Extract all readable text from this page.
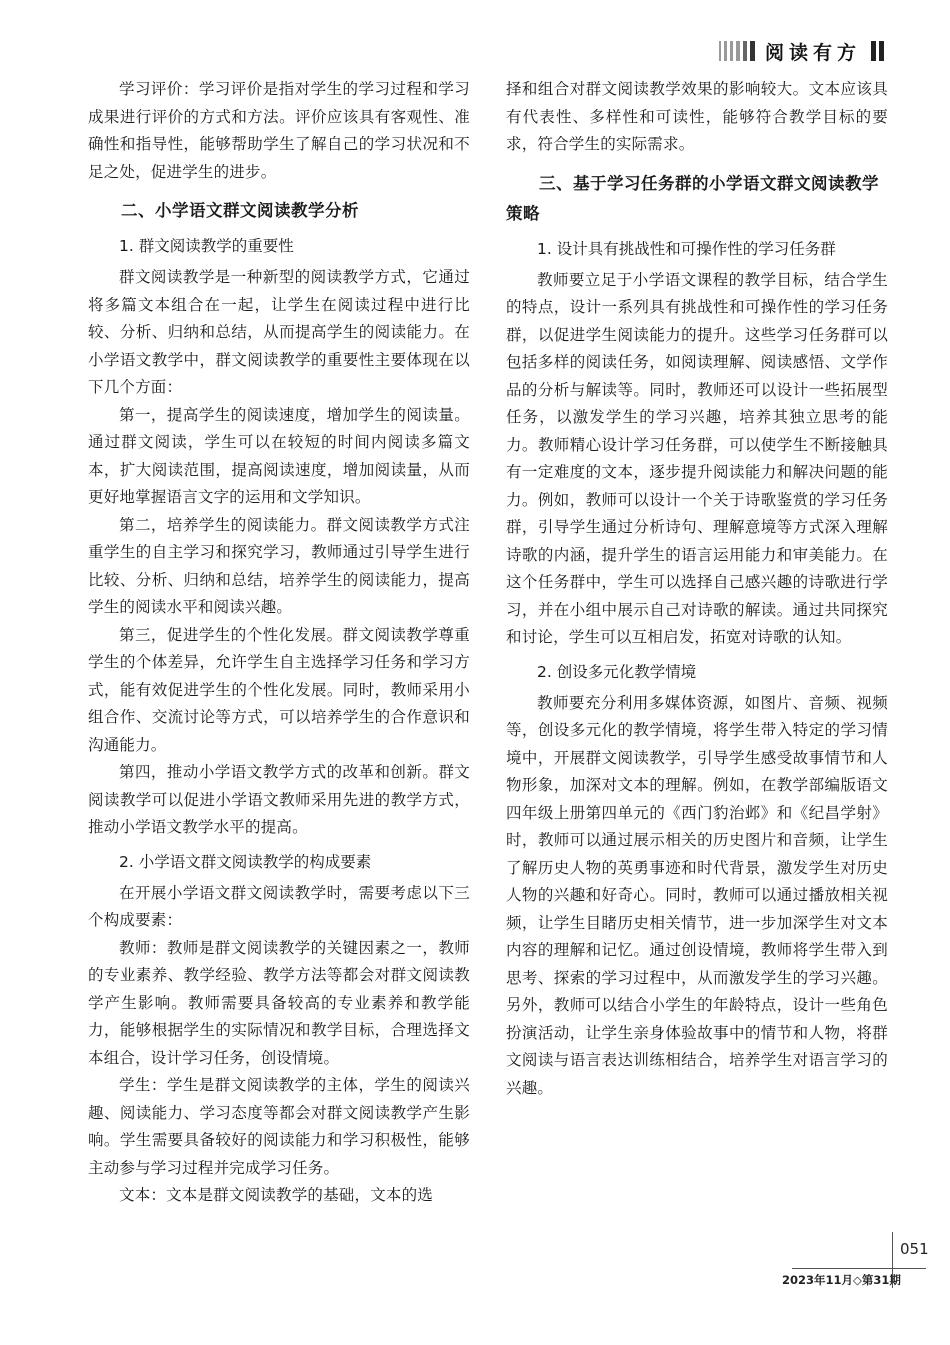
阅读有方

学习评价：学习评价是指对学生的学习过程和学习成果进行评价的方式和方法。评价应该具有客观性、准确性和指导性，能够帮助学生了解自己的学习状况和不足之处，促进学生的进步。

二、小学语文群文阅读教学分析
1. 群文阅读教学的重要性

群文阅读教学是一种新型的阅读教学方式，它通过将多篇文本组合在一起，让学生在阅读过程中进行比较、分析、归纳和总结，从而提高学生的阅读能力。在小学语文教学中，群文阅读教学的重要性主要体现在以下几个方面：

第一，提高学生的阅读速度，增加学生的阅读量。通过群文阅读，学生可以在较短的时间内阅读多篇文本，扩大阅读范围，提高阅读速度，增加阅读量，从而更好地掌握语言文字的运用和文学知识。

第二，培养学生的阅读能力。群文阅读教学方式注重学生的自主学习和探究学习，教师通过引导学生进行比较、分析、归纳和总结，培养学生的阅读能力，提高学生的阅读水平和阅读兴趣。

第三，促进学生的个性化发展。群文阅读教学尊重学生的个体差异，允许学生自主选择学习任务和学习方式，能有效促进学生的个性化发展。同时，教师采用小组合作、交流讨论等方式，可以培养学生的合作意识和沟通能力。

第四，推动小学语文教学方式的改革和创新。群文阅读教学可以促进小学语文教师采用先进的教学方式，推动小学语文教学水平的提高。

2. 小学语文群文阅读教学的构成要素

在开展小学语文群文阅读教学时，需要考虑以下三个构成要素：

教师：教师是群文阅读教学的关键因素之一，教师的专业素养、教学经验、教学方法等都会对群文阅读教学产生影响。教师需要具备较高的专业素养和教学能力，能够根据学生的实际情况和教学目标，合理选择文本组合，设计学习任务，创设情境。

学生：学生是群文阅读教学的主体，学生的阅读兴趣、阅读能力、学习态度等都会对群文阅读教学产生影响。学生需要具备较好的阅读能力和学习积极性，能够主动参与学习过程并完成学习任务。

文本：文本是群文阅读教学的基础，文本的选

择和组合对群文阅读教学效果的影响较大。文本应该具有代表性、多样性和可读性，能够符合教学目标的要求，符合学生的实际需求。

三、基于学习任务群的小学语文群文阅读教学策略
1. 设计具有挑战性和可操作性的学习任务群

教师要立足于小学语文课程的教学目标，结合学生的特点，设计一系列具有挑战性和可操作性的学习任务群，以促进学生阅读能力的提升。这些学习任务群可以包括多样的阅读任务，如阅读理解、阅读感悟、文学作品的分析与解读等。同时，教师还可以设计一些拓展型任务，以激发学生的学习兴趣，培养其独立思考的能力。教师精心设计学习任务群，可以使学生不断接触具有一定难度的文本，逐步提升阅读能力和解决问题的能力。例如，教师可以设计一个关于诗歌鉴赏的学习任务群，引导学生通过分析诗句、理解意境等方式深入理解诗歌的内涵，提升学生的语言运用能力和审美能力。在这个任务群中，学生可以选择自己感兴趣的诗歌进行学习，并在小组中展示自己对诗歌的解读。通过共同探究和讨论，学生可以互相启发，拓宽对诗歌的认知。

2. 创设多元化教学情境

教师要充分利用多媒体资源，如图片、音频、视频等，创设多元化的教学情境，将学生带入特定的学习情境中，开展群文阅读教学，引导学生感受故事情节和人物形象，加深对文本的理解。例如，在教学部编版语文四年级上册第四单元的《西门豹治邺》和《纪昌学射》时，教师可以通过展示相关的历史图片和音频，让学生了解历史人物的英勇事迹和时代背景，激发学生对历史人物的兴趣和好奇心。同时，教师可以通过播放相关视频，让学生目睹历史相关情节，进一步加深学生对文本内容的理解和记忆。通过创设情境，教师将学生带入到思考、探索的学习过程中，从而激发学生的学习兴趣。另外，教师可以结合小学生的年龄特点，设计一些角色扮演活动，让学生亲身体验故事中的情节和人物，将群文阅读与语言表达训练相结合，培养学生对语言学习的兴趣。

051
2023年11月◇第31期
